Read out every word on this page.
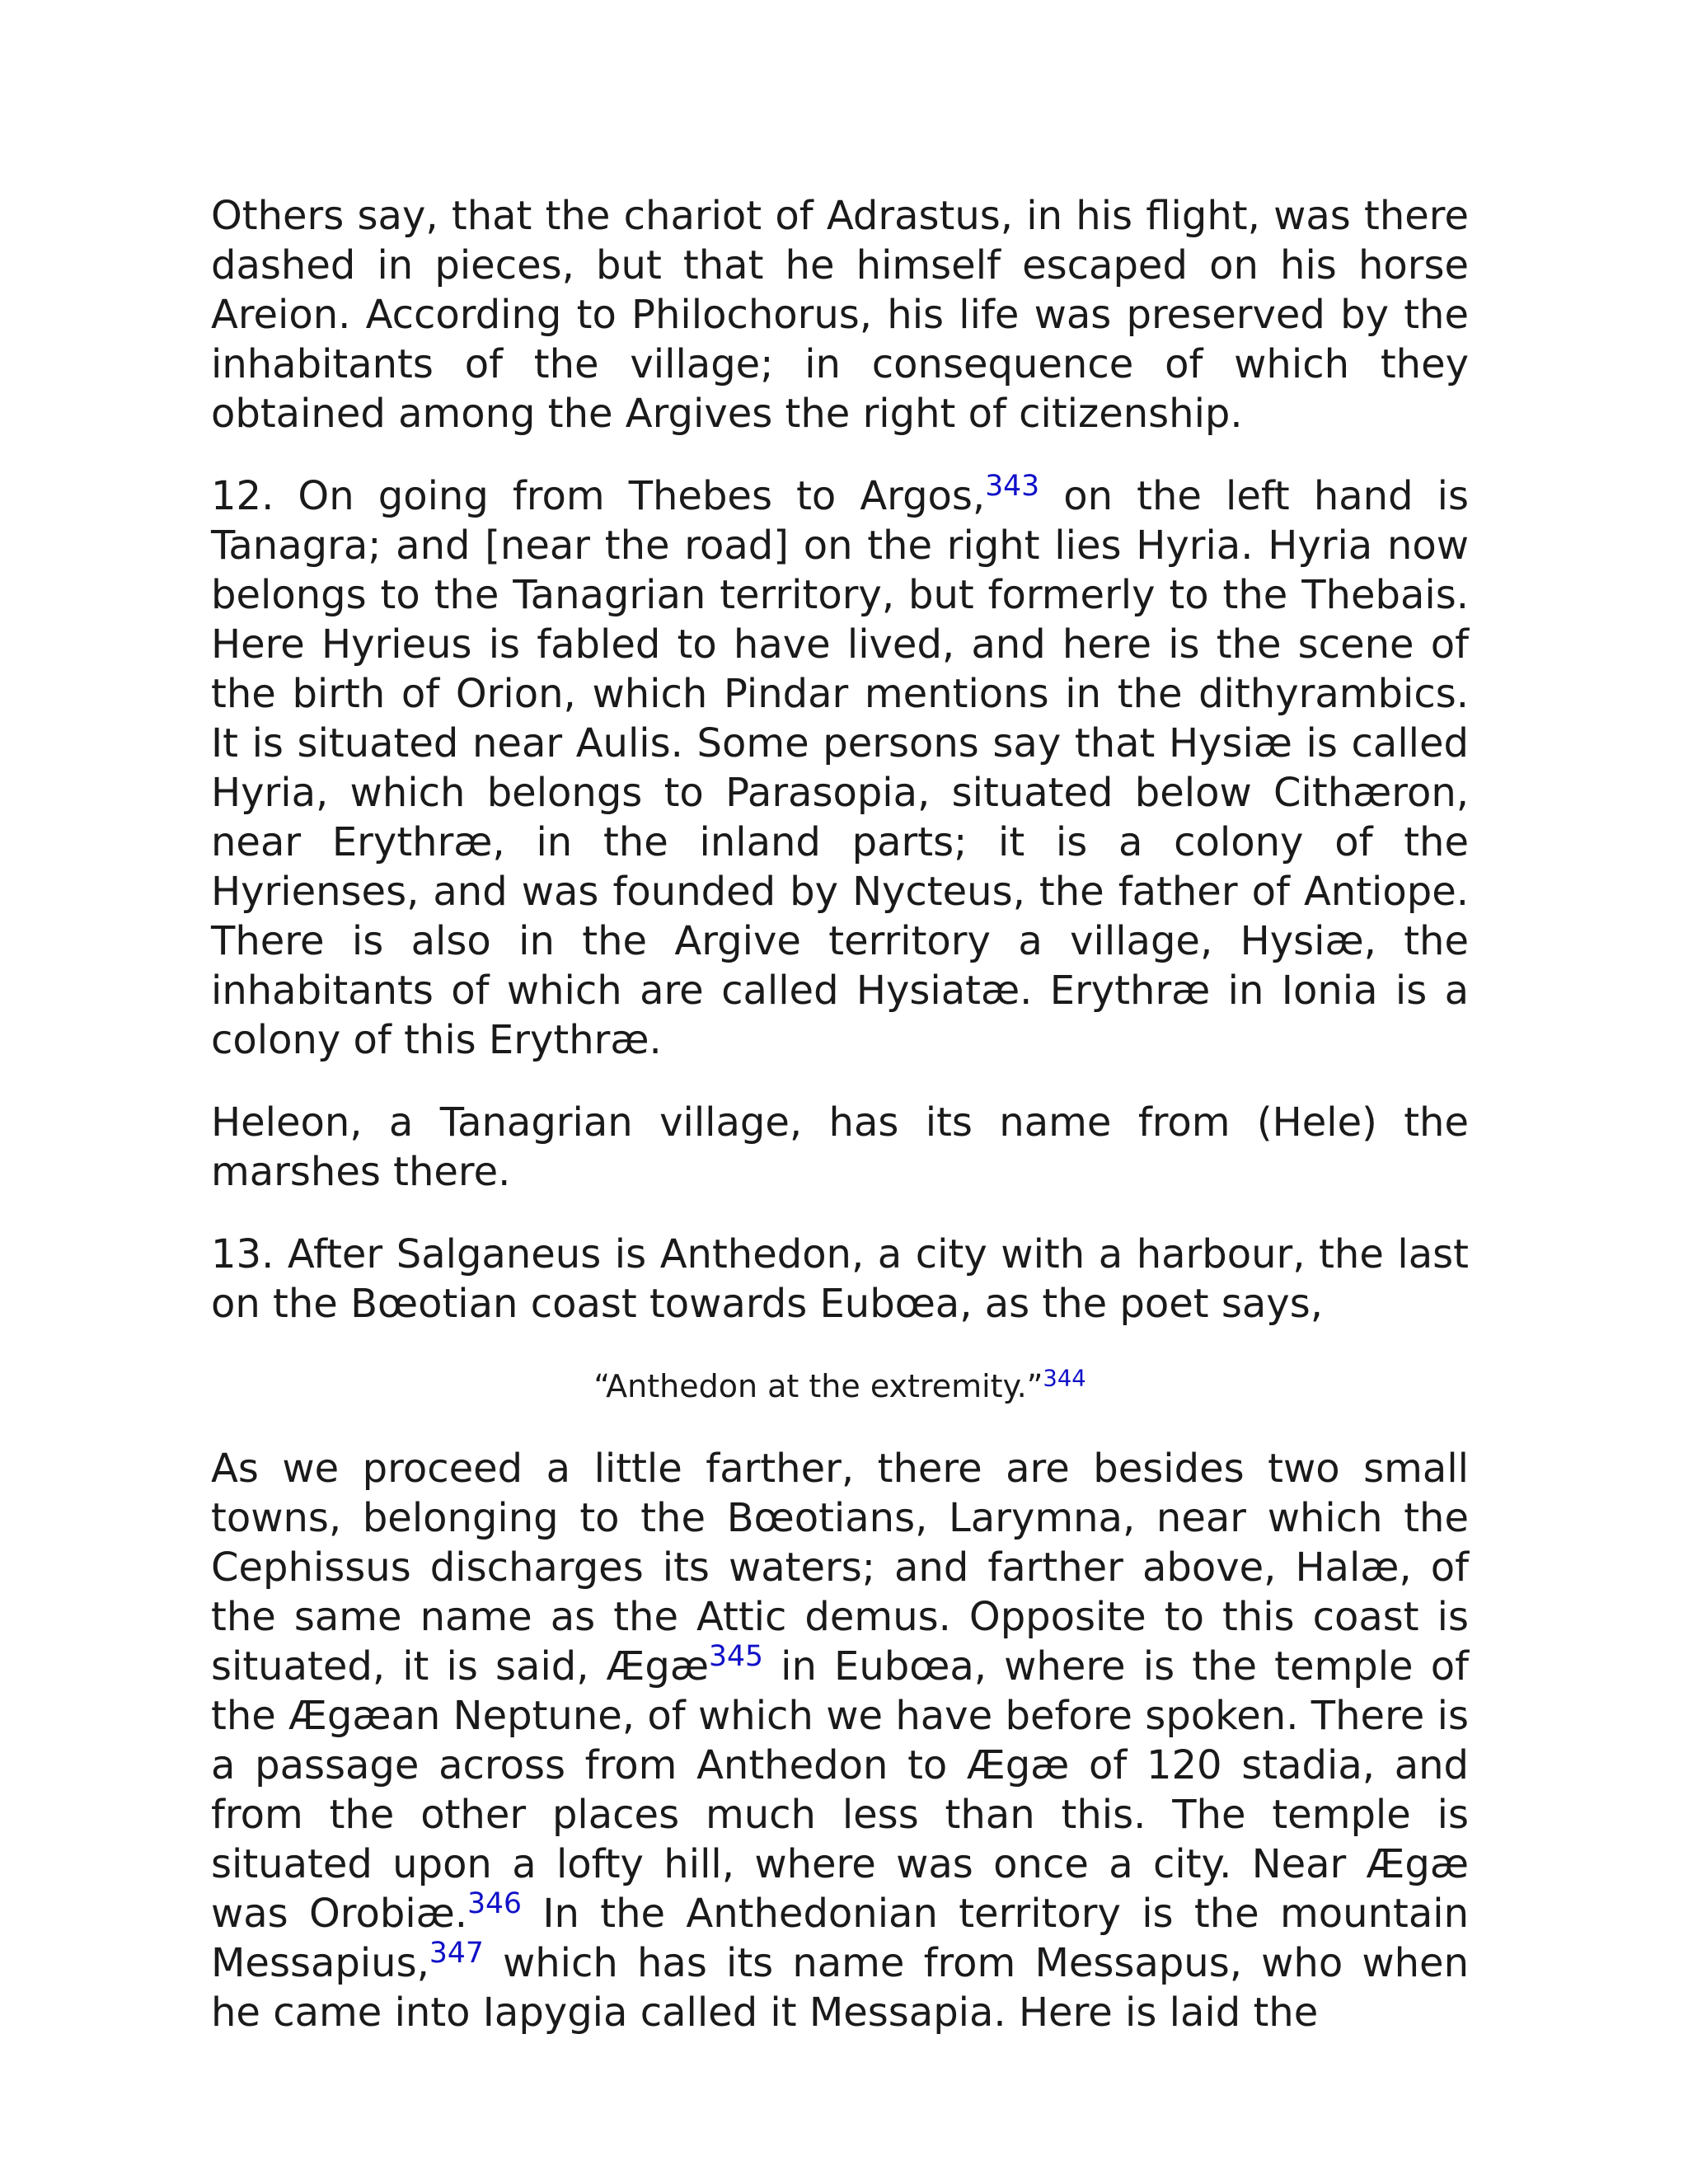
Others say, that the chariot of Adrastus, in his flight, was there dashed in pieces, but that he himself escaped on his horse Areion. According to Philochorus, his life was preserved by the inhabitants of the village; in consequence of which they obtained among the Argives the right of citizenship.

12. On going from Thebes to Argos,$^{343}$ on the left hand is Tanagra; and [near the road] on the right lies Hyria. Hyria now belongs to the Tanagrian territory, but formerly to the Thebais. Here Hyrieus is fabled to have lived, and here is the scene of the birth of Orion, which Pindar mentions in the dithyrambics. It is situated near Aulis. Some persons say that Hysiæ is called Hyria, which belongs to Parasopia, situated below Cithæron, near Erythræ, in the inland parts; it is a colony of the Hyrienses, and was founded by Nycteus, the father of Antiope. There is also in the Argive territory a village, Hysiæ, the inhabitants of which are called Hysiatæ. Erythræ in Ionia is a colony of this Erythræ.

Heleon, a Tanagrian village, has its name from (Hele) the marshes there.

13. After Salganeus is Anthedon, a city with a harbour, the last on the Bœotian coast towards Eubœa, as the poet says,

“Anthedon at the extremity.”$^{344}$

As we proceed a little farther, there are besides two small towns, belonging to the Bœotians, Larymna, near which the Cephissus discharges its waters; and farther above, Halæ, of the same name as the Attic demus. Opposite to this coast is situated, it is said, Ægæ$^{345}$ in Eubœa, where is the temple of the Ægæan Neptune, of which we have before spoken. There is a passage across from Anthedon to Ægæ of 120 stadia, and from the other places much less than this. The temple is situated upon a lofty hill, where was once a city. Near Ægæ was Orobiæ.$^{346}$ In the Anthedonian territory is the mountain Messapius,$^{347}$ which has its name from Messapus, who when he came into Iapygia called it Messapia. Here is laid the
